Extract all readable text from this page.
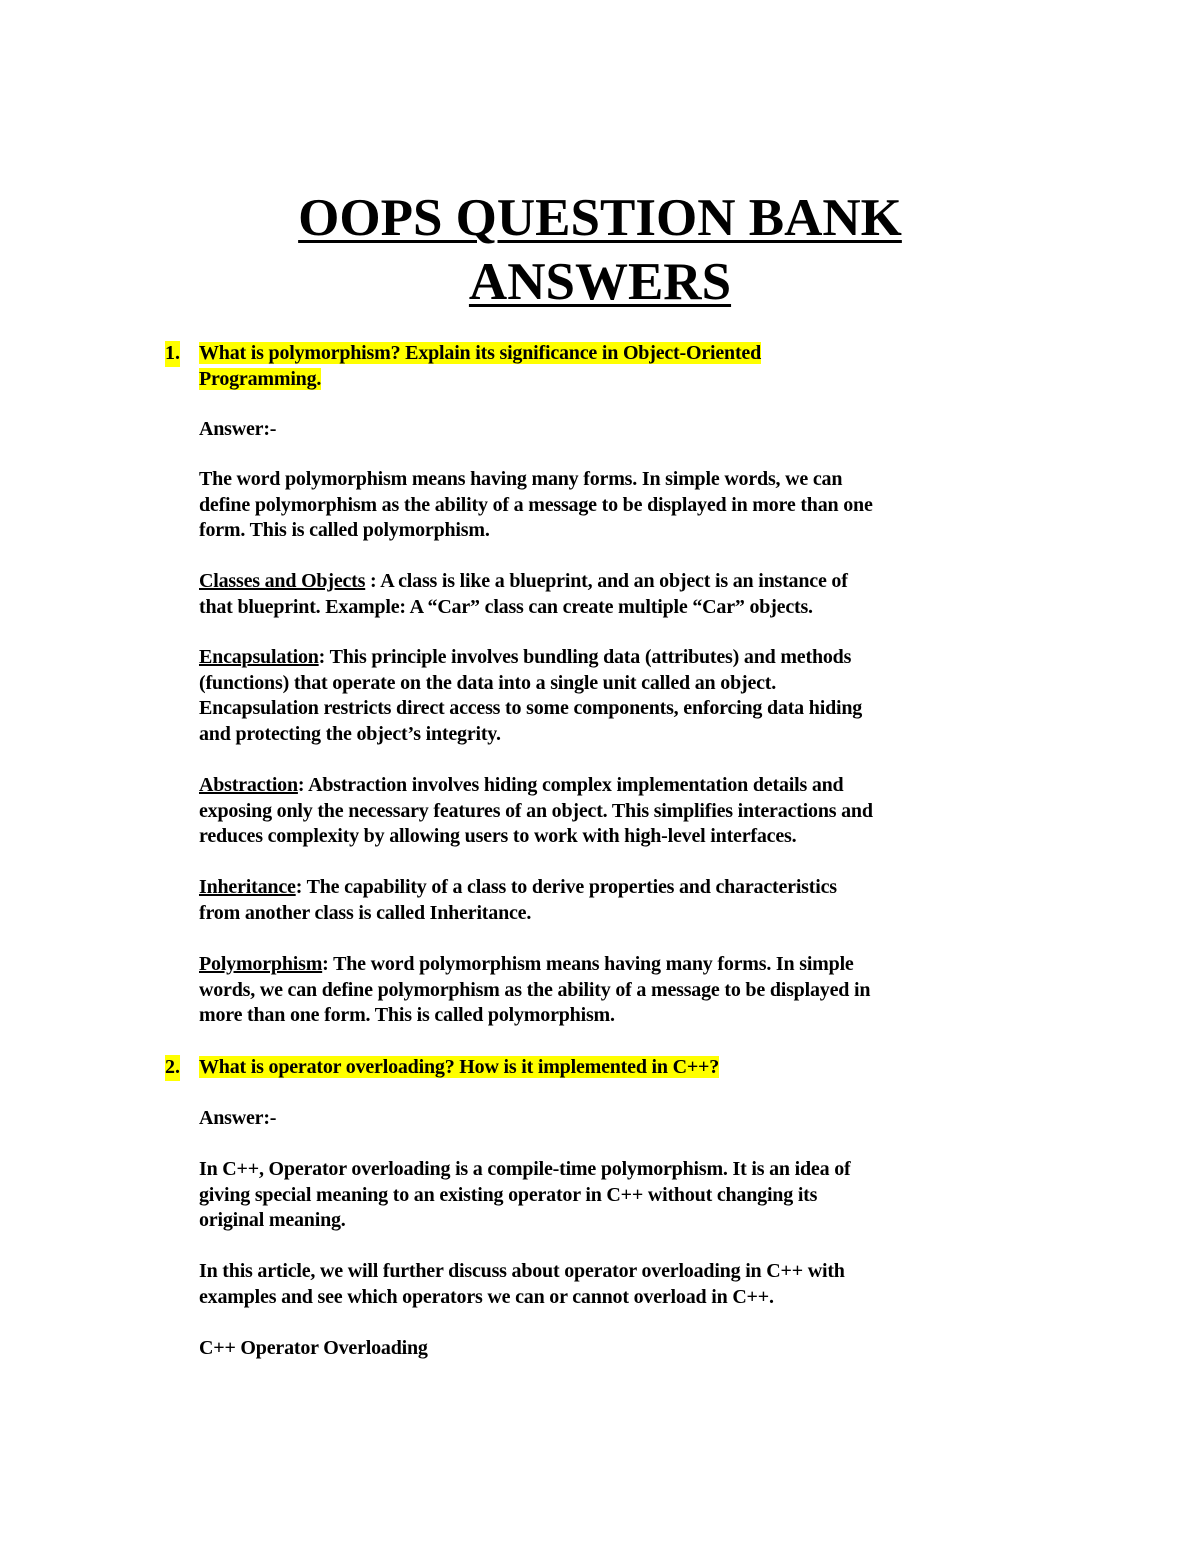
OOPS QUESTION BANK
ANSWERS
1. What is polymorphism? Explain its significance in Object-Oriented
Programming.
Answer:-
The word polymorphism means having many forms. In simple words, we can
define polymorphism as the ability of a message to be displayed in more than one
form. This is called polymorphism.
Classes and Objects : A class is like a blueprint, and an object is an instance of
that blueprint. Example: A “Car” class can create multiple “Car” objects.
Encapsulation: This principle involves bundling data (attributes) and methods
(functions) that operate on the data into a single unit called an object.
Encapsulation restricts direct access to some components, enforcing data hiding
and protecting the object’s integrity.
Abstraction: Abstraction involves hiding complex implementation details and
exposing only the necessary features of an object. This simplifies interactions and
reduces complexity by allowing users to work with high-level interfaces.
Inheritance: The capability of a class to derive properties and characteristics
from another class is called Inheritance.
Polymorphism: The word polymorphism means having many forms. In simple
words, we can define polymorphism as the ability of a message to be displayed in
more than one form. This is called polymorphism.
2. What is operator overloading? How is it implemented in C++?
Answer:-
In C++, Operator overloading is a compile-time polymorphism. It is an idea of
giving special meaning to an existing operator in C++ without changing its
original meaning.
In this article, we will further discuss about operator overloading in C++ with
examples and see which operators we can or cannot overload in C++.
C++ Operator Overloading
